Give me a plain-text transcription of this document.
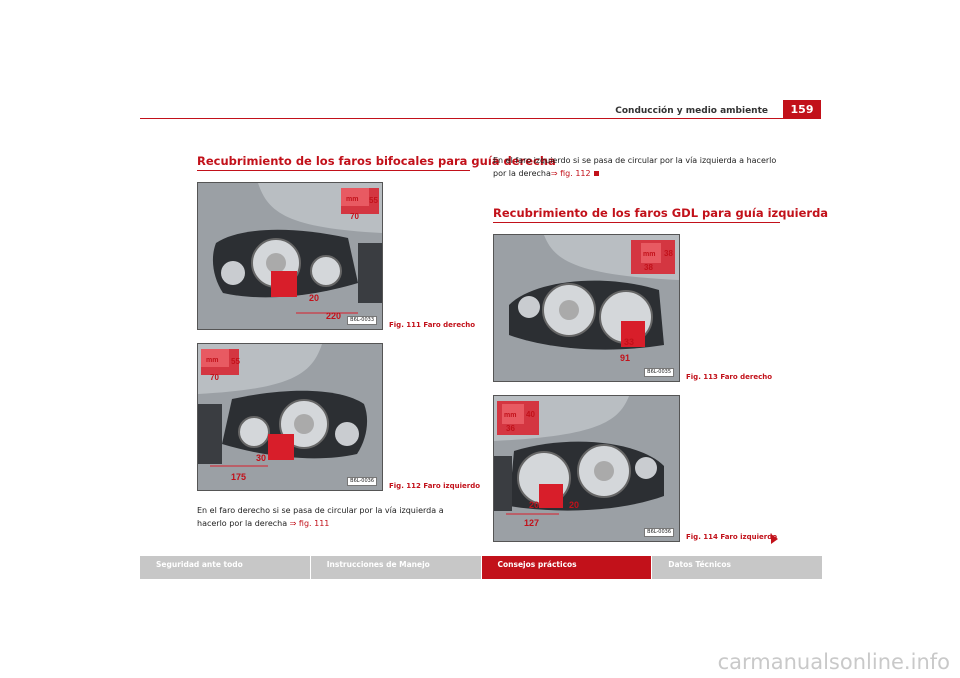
Conducción y medio ambiente	159
Recubrimiento de los faros bifocales para guía derecha
mm 55
70
20
220	B6L-0033
Fig. 111 Faro derecho
mm 55
70
30
175	B6L-0036
Fig. 112 Faro izquierdo
En el faro derecho si se pasa de circular por la vía izquierda a hacerlo por la derecha ⇒ fig. 111
En el faro izquierdo si se pasa de circular por la vía izquierda a hacerlo por la derecha⇒ fig. 112
Recubrimiento de los faros GDL para guía izquierda
mm 38
38
33
91
B6L-0035
Fig. 113 Faro derecho
mm 40
36
20	20
127
B6L-0036
Fig. 114 Faro izquierdo
Seguridad ante todo	Instrucciones de Manejo	Consejos prácticos	Datos Técnicos
carmanualsonline.info
